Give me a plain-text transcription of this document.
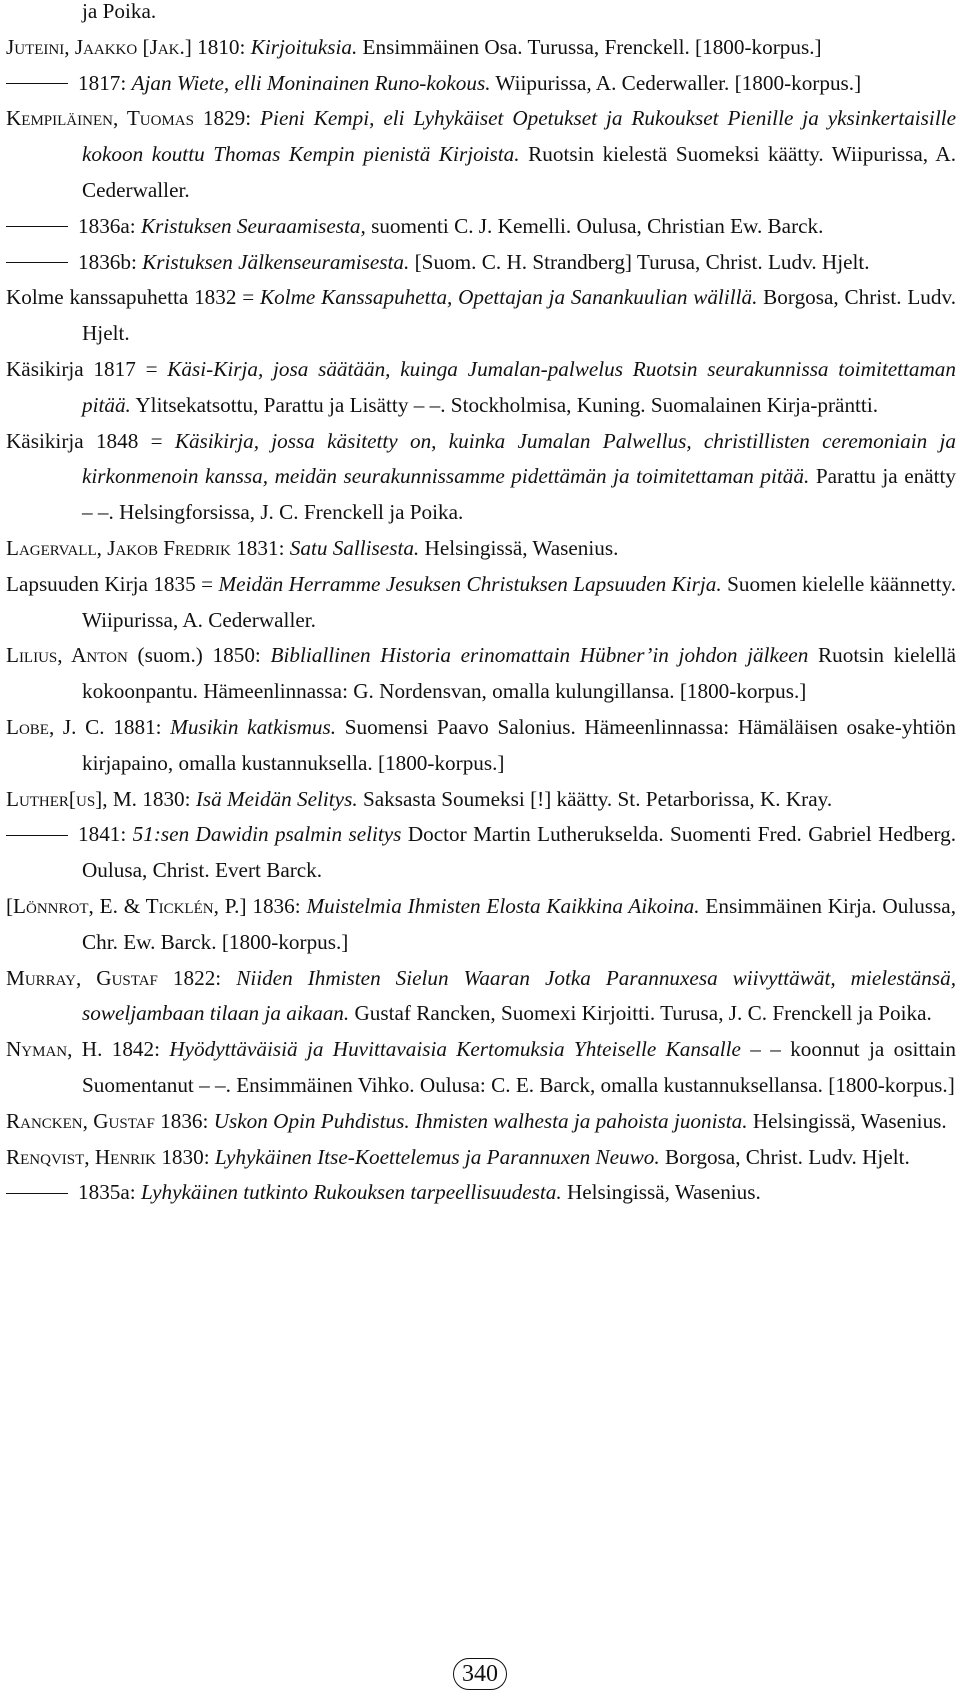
ja Poika.

Juteini, Jaakko [Jak.] 1810: Kirjoituksia. Ensimmäinen Osa. Turussa, Frenckell. [1800-korpus.]

1817: Ajan Wiete, elli Moninainen Runo-kokous. Wiipurissa, A. Cederwaller. [1800-korpus.]

Kempiläinen, Tuomas 1829: Pieni Kempi, eli Lyhykäiset Opetukset ja Rukoukset Pienille ja yksinkertaisille kokoon kouttu Thomas Kempin pienistä Kirjoista. Ruotsin kielestä Suomeksi käätty. Wiipurissa, A. Cederwaller.

1836a: Kristuksen Seuraamisesta, suomenti C. J. Kemelli. Oulusa, Christian Ew. Barck.

1836b: Kristuksen Jälkenseuramisesta. [Suom. C. H. Strandberg] Turusa, Christ. Ludv. Hjelt.

Kolme kanssapuhetta 1832 = Kolme Kanssapuhetta, Opettajan ja Sanankuulian wälillä. Borgosa, Christ. Ludv. Hjelt.

Käsikirja 1817 = Käsi-Kirja, josa säätään, kuinga Jumalan-palwelus Ruotsin seurakunnissa toimitettaman pitää. Ylitsekatsottu, Parattu ja Lisätty – –. Stockholmisa, Kuning. Suomalainen Kirja-präntti.

Käsikirja 1848 = Käsikirja, jossa käsitetty on, kuinka Jumalan Palwellus, christillisten ceremoniain ja kirkonmenoin kanssa, meidän seurakunnissamme pidettämän ja toimitettaman pitää. Parattu ja enätty – –. Helsingforsissa, J. C. Frenckell ja Poika.

Lagervall, Jakob Fredrik 1831: Satu Sallisesta. Helsingissä, Wasenius.

Lapsuuden Kirja 1835 = Meidän Herramme Jesuksen Christuksen Lapsuuden Kirja. Suomen kielelle käännetty. Wiipurissa, A. Cederwaller.

Lilius, Anton (suom.) 1850: Bibliallinen Historia erinomattain Hübner’in johdon jälkeen Ruotsin kielellä kokoonpantu. Hämeenlinnassa: G. Nordensvan, omalla kulungillansa. [1800-korpus.]

Lobe, J. C. 1881: Musikin katkismus. Suomensi Paavo Salonius. Hämeenlinnassa: Hämäläisen osake-yhtiön kirjapaino, omalla kustannuksella. [1800-korpus.]

Luther[us], M. 1830: Isä Meidän Selitys. Saksasta Soumeksi [!] käätty. St. Petarborissa, K. Kray.

1841: 51:sen Dawidin psalmin selitys Doctor Martin Lutherukselda. Suomenti Fred. Gabriel Hedberg. Oulusa, Christ. Evert Barck.

[Lönnrot, E. & Ticklén, P.] 1836: Muistelmia Ihmisten Elosta Kaikkina Aikoina. Ensimmäinen Kirja. Oulussa, Chr. Ew. Barck. [1800-korpus.]

Murray, Gustaf 1822: Niiden Ihmisten Sielun Waaran Jotka Parannuxesa wiivyttäwät, mielestänsä, soweljambaan tilaan ja aikaan. Gustaf Rancken, Suomexi Kirjoitti. Turusa, J. C. Frenckell ja Poika.

Nyman, H. 1842: Hyödyttäväisiä ja Huvittavaisia Kertomuksia Yhteiselle Kansalle – – koonnut ja osittain Suomentanut – –. Ensimmäinen Vihko. Oulusa: C. E. Barck, omalla kustannuksellansa. [1800-korpus.]

Rancken, Gustaf 1836: Uskon Opin Puhdistus. Ihmisten walhesta ja pahoista juonista. Helsingissä, Wasenius.

Renqvist, Henrik 1830: Lyhykäinen Itse-Koettelemus ja Parannuxen Neuwo. Borgosa, Christ. Ludv. Hjelt.

1835a: Lyhykäinen tutkinto Rukouksen tarpeellisuudesta. Helsingissä, Wasenius.

340
